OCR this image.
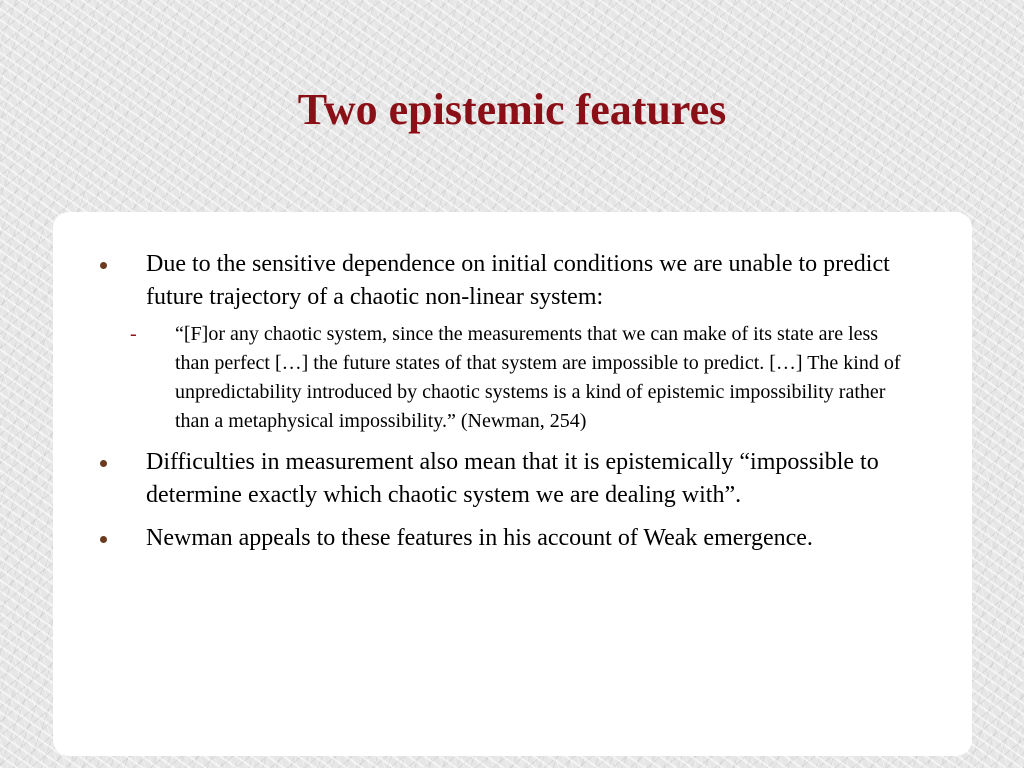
Two epistemic features
Due to the sensitive dependence on initial conditions we are unable to predict future trajectory of a chaotic non-linear system:
- “[F]or any chaotic system, since the measurements that we can make of its state are less than perfect […] the future states of that system are impossible to predict. […] The kind of unpredictability introduced by chaotic systems is a kind of epistemic impossibility rather than a metaphysical impossibility.” (Newman, 254)
Difficulties in measurement also mean that it is epistemically “impossible to determine exactly which chaotic system we are dealing with”.
Newman appeals to these features in his account of Weak emergence.
